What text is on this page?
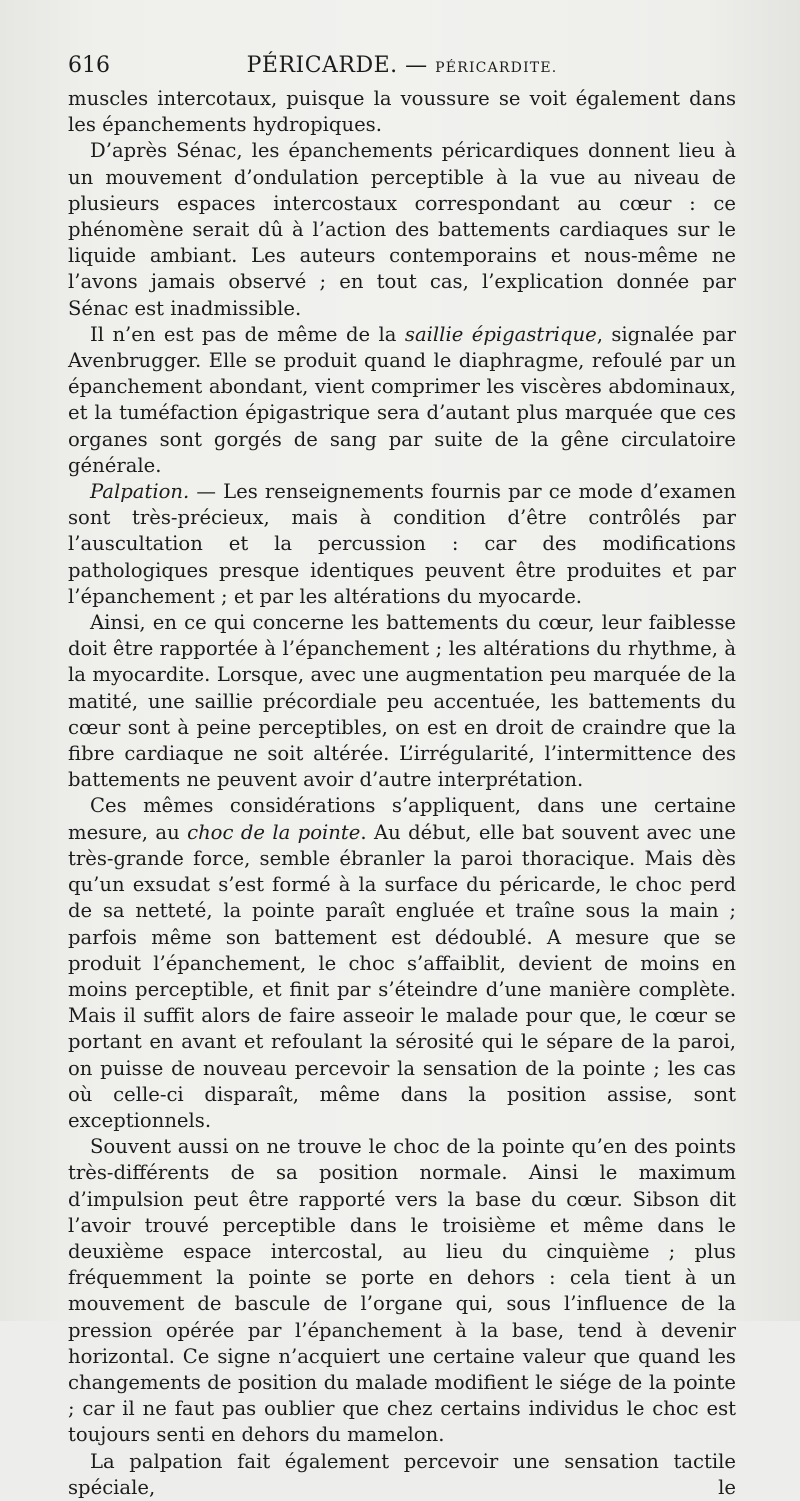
616	PÉRICARDE. — PÉRICARDITE.

muscles intercotaux, puisque la voussure se voit également dans les épanchements hydropiques.

D’après Sénac, les épanchements péricardiques donnent lieu à un mouvement d’ondulation perceptible à la vue au niveau de plusieurs espaces intercostaux correspondant au cœur : ce phénomène serait dû à l’action des battements cardiaques sur le liquide ambiant. Les auteurs contemporains et nous-même ne l’avons jamais observé ; en tout cas, l’explication donnée par Sénac est inadmissible.

Il n’en est pas de même de la saillie épigastrique, signalée par Avenbrugger. Elle se produit quand le diaphragme, refoulé par un épanchement abondant, vient comprimer les viscères abdominaux, et la tuméfaction épigastrique sera d’autant plus marquée que ces organes sont gorgés de sang par suite de la gêne circulatoire générale.

Palpation. — Les renseignements fournis par ce mode d’examen sont très-précieux, mais à condition d’être contrôlés par l’auscultation et la percussion : car des modifications pathologiques presque identiques peuvent être produites et par l’épanchement ; et par les altérations du myocarde.

Ainsi, en ce qui concerne les battements du cœur, leur faiblesse doit être rapportée à l’épanchement ; les altérations du rhythme, à la myocardite. Lorsque, avec une augmentation peu marquée de la matité, une saillie précordiale peu accentuée, les battements du cœur sont à peine perceptibles, on est en droit de craindre que la fibre cardiaque ne soit altérée. L’irrégularité, l’intermittence des battements ne peuvent avoir d’autre interprétation.

Ces mêmes considérations s’appliquent, dans une certaine mesure, au choc de la pointe. Au début, elle bat souvent avec une très-grande force, semble ébranler la paroi thoracique. Mais dès qu’un exsudat s’est formé à la surface du péricarde, le choc perd de sa netteté, la pointe paraît engluée et traîne sous la main ; parfois même son battement est dédoublé. A mesure que se produit l’épanchement, le choc s’affaiblit, devient de moins en moins perceptible, et finit par s’éteindre d’une manière complète. Mais il suffit alors de faire asseoir le malade pour que, le cœur se portant en avant et refoulant la sérosité qui le sépare de la paroi, on puisse de nouveau percevoir la sensation de la pointe ; les cas où celle-ci disparaît, même dans la position assise, sont exceptionnels.

Souvent aussi on ne trouve le choc de la pointe qu’en des points très-différents de sa position normale. Ainsi le maximum d’impulsion peut être rapporté vers la base du cœur. Sibson dit l’avoir trouvé perceptible dans le troisième et même dans le deuxième espace intercostal, au lieu du cinquième ; plus fréquemment la pointe se porte en dehors : cela tient à un mouvement de bascule de l’organe qui, sous l’influence de la pression opérée par l’épanchement à la base, tend à devenir horizontal. Ce signe n’acquiert une certaine valeur que quand les changements de position du malade modifient le siége de la pointe ; car il ne faut pas oublier que chez certains individus le choc est toujours senti en dehors du mamelon.

La palpation fait également percevoir une sensation tactile spéciale, le
